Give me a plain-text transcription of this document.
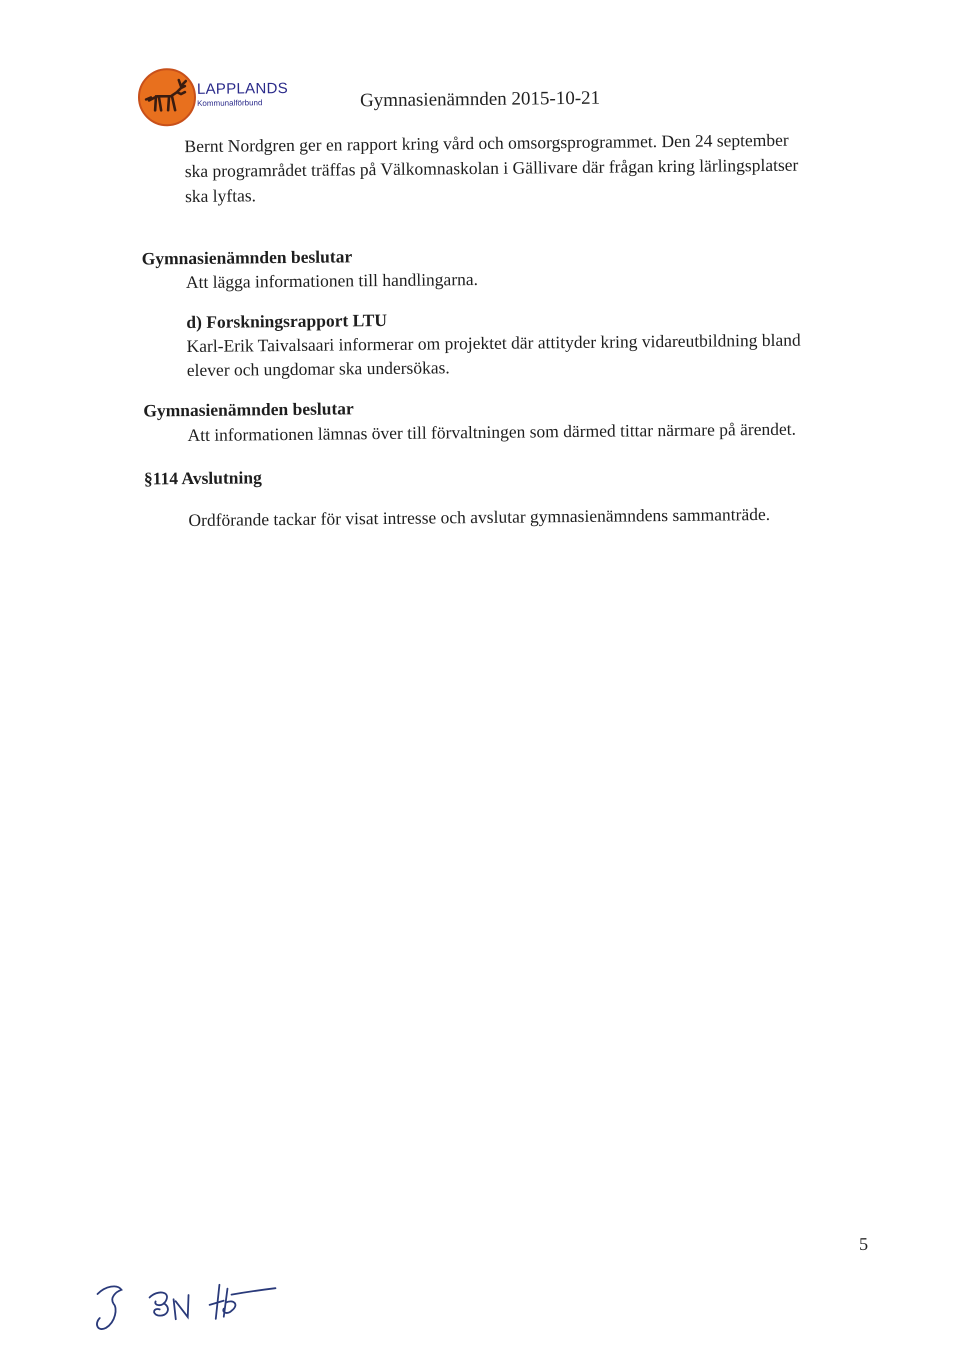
LAPPLANDS
Kommunalförbund	Gymnasienämnden 2015-10-21
Bernt Nordgren ger en rapport kring vård och omsorgsprogrammet. Den 24 september
ska programrådet träffas på Välkomnaskolan i Gällivare där frågan kring lärlingsplatser
ska lyftas.
Gymnasienämnden beslutar
Att lägga informationen till handlingarna.
d) Forskningsrapport LTU
Karl-Erik Taivalsaari informerar om projektet där attityder kring vidareutbildning bland
elever och ungdomar ska undersökas.
Gymnasienämnden beslutar
Att informationen lämnas över till förvaltningen som därmed tittar närmare på ärendet.
§114 Avslutning
Ordförande tackar för visat intresse och avslutar gymnasienämndens sammanträde.
5
